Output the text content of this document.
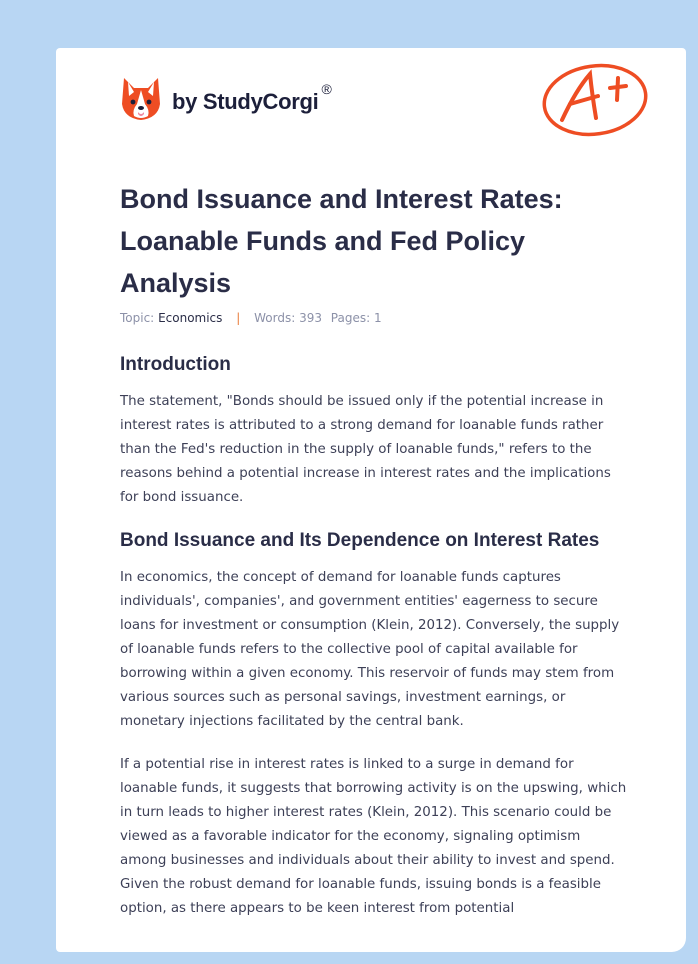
by StudyCorgi ®
Bond Issuance and Interest Rates: Loanable Funds and Fed Policy Analysis
Topic: Economics | Words: 393 Pages: 1
Introduction

The statement, "Bonds should be issued only if the potential increase in interest rates is attributed to a strong demand for loanable funds rather than the Fed's reduction in the supply of loanable funds," refers to the reasons behind a potential increase in interest rates and the implications for bond issuance.

Bond Issuance and Its Dependence on Interest Rates

In economics, the concept of demand for loanable funds captures individuals', companies', and government entities' eagerness to secure loans for investment or consumption (Klein, 2012). Conversely, the supply of loanable funds refers to the collective pool of capital available for borrowing within a given economy. This reservoir of funds may stem from various sources such as personal savings, investment earnings, or monetary injections facilitated by the central bank.

If a potential rise in interest rates is linked to a surge in demand for loanable funds, it suggests that borrowing activity is on the upswing, which in turn leads to higher interest rates (Klein, 2012). This scenario could be viewed as a favorable indicator for the economy, signaling optimism among businesses and individuals about their ability to invest and spend. Given the robust demand for loanable funds, issuing bonds is a feasible option, as there appears to be keen interest from potential
